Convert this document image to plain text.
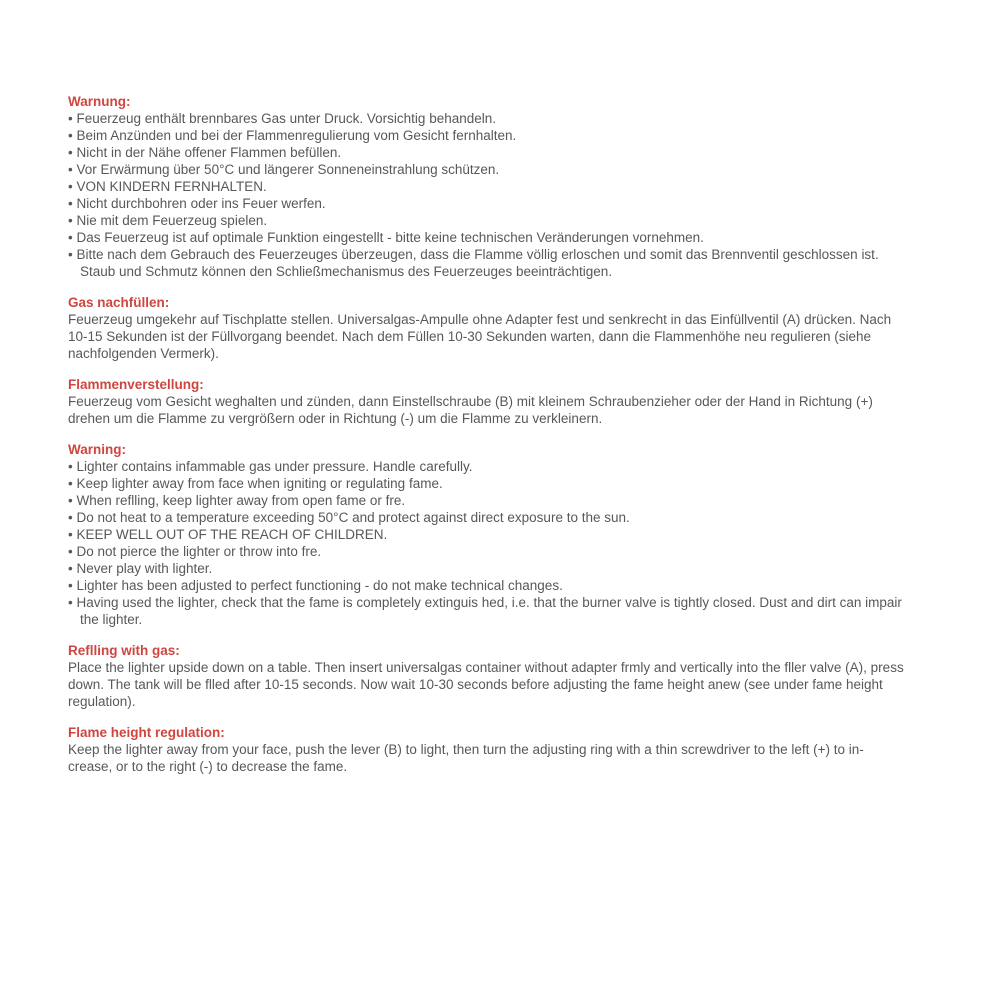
Warnung:

• Feuerzeug enthält brennbares Gas unter Druck. Vorsichtig behandeln.
• Beim Anzünden und bei der Flammenregulierung vom Gesicht fernhalten.
• Nicht in der Nähe offener Flammen befüllen.
• Vor Erwärmung über 50°C und längerer Sonneneinstrahlung schützen.
• VON KINDERN FERNHALTEN.
• Nicht durchbohren oder ins Feuer werfen.
• Nie mit dem Feuerzeug spielen.
• Das Feuerzeug ist auf optimale Funktion eingestellt - bitte keine technischen Veränderungen vornehmen.
• Bitte nach dem Gebrauch des Feuerzeuges überzeugen, dass die Flamme völlig erloschen und somit das Brennventil geschlossen ist. Staub und Schmutz können den Schließmechanismus des Feuerzeuges beeinträchtigen.

Gas nachfüllen:

Feuerzeug umgekehr auf Tischplatte stellen. Universalgas-Ampulle ohne Adapter fest und senkrecht in das Einfüllventil (A) drücken. Nach 10-15 Sekunden ist der Füllvorgang beendet. Nach dem Füllen 10-30 Sekunden warten, dann die Flammenhöhe neu regulieren (siehe nachfolgenden Vermerk).

Flammenverstellung:

Feuerzeug vom Gesicht weghalten und zünden, dann Einstellschraube (B) mit kleinem Schraubenzieher oder der Hand in Richtung (+) drehen um die Flamme zu vergrößern oder in Richtung (-) um die Flamme zu verkleinern.

Warning:

• Lighter contains infammable gas under pressure. Handle carefully.
• Keep lighter away from face when igniting or regulating fame.
• When reflling, keep lighter away from open fame or fre.
• Do not heat to a temperature exceeding 50°C and protect against direct exposure to the sun.
• KEEP WELL OUT OF THE REACH OF CHILDREN.
• Do not pierce the lighter or throw into fre.
• Never play with lighter.
• Lighter has been adjusted to perfect functioning - do not make technical changes.
• Having used the lighter, check that the fame is completely extinguis hed, i.e. that the burner valve is tightly closed. Dust and dirt can impair the lighter.

Reflling with gas:

Place the lighter upside down on a table. Then insert universalgas container without adapter frmly and vertically into the fller valve (A), press down. The tank will be flled after 10-15 seconds. Now wait 10-30 seconds before adjusting the fame height anew (see under fame height regulation).

Flame height regulation:

Keep the lighter away from your face, push the lever (B) to light, then turn the adjusting ring with a thin screwdriver to the left (+) to in- crease, or to the right (-) to decrease the fame.
